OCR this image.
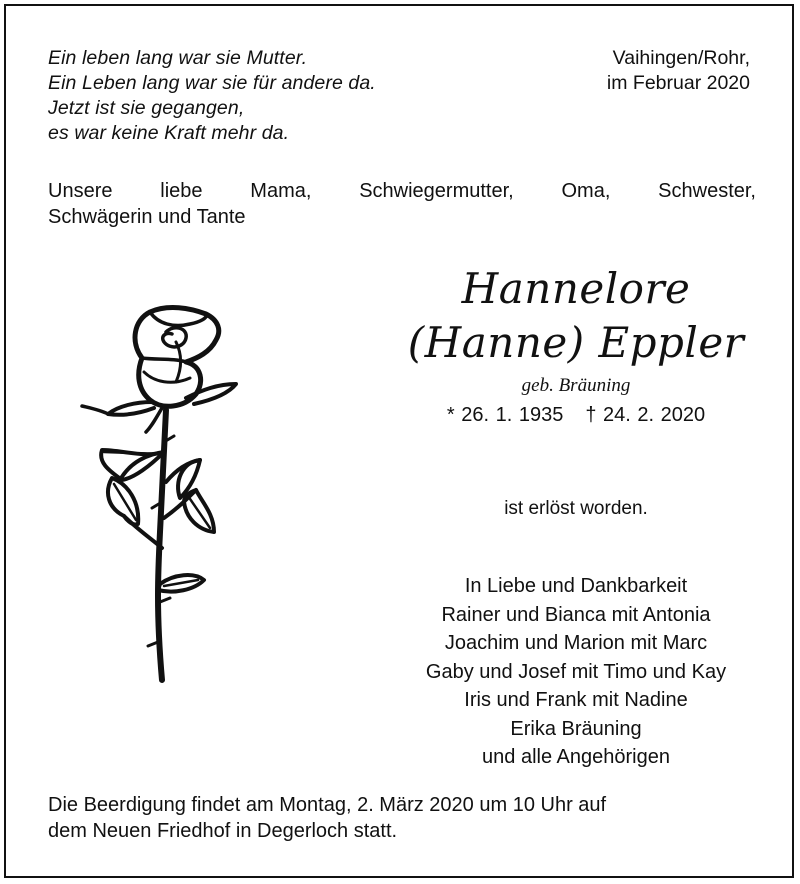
Ein leben lang war sie Mutter.
Ein Leben lang war sie für andere da.
Jetzt ist sie gegangen,
es war keine Kraft mehr da.
Vaihingen/Rohr,
im Februar 2020
Unsere liebe Mama, Schwiegermutter, Oma, Schwester,
Schwägerin und Tante
Hannelore
(Hanne) Eppler
geb. Bräuning
* 26. 1. 1935 † 24. 2. 2020
ist erlöst worden.
In Liebe und Dankbarkeit
Rainer und Bianca mit Antonia
Joachim und Marion mit Marc
Gaby und Josef mit Timo und Kay
Iris und Frank mit Nadine
Erika Bräuning
und alle Angehörigen
Die Beerdigung findet am Montag, 2. März 2020 um 10 Uhr auf
dem Neuen Friedhof in Degerloch statt.
